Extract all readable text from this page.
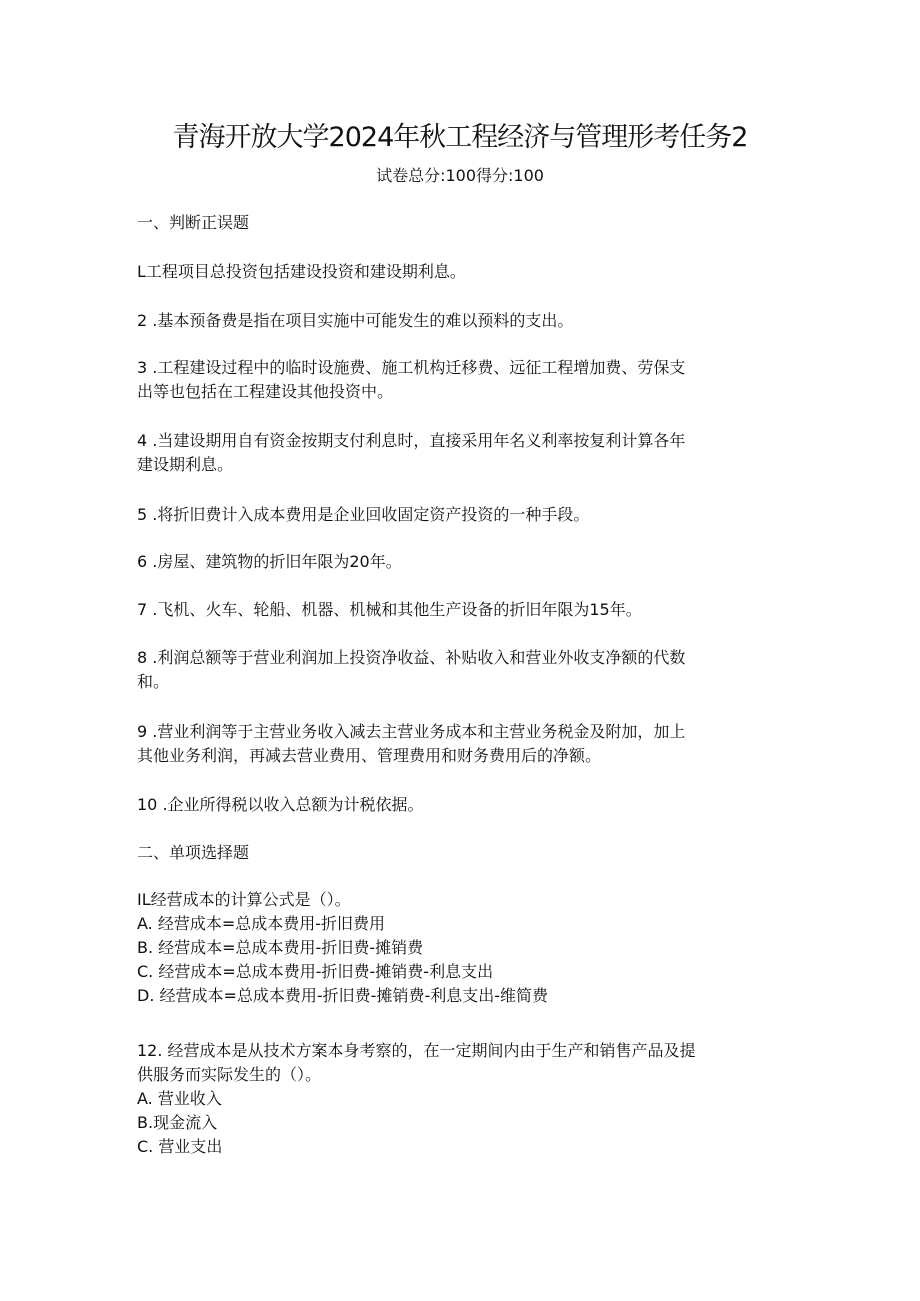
青海开放大学2024年秋工程经济与管理形考任务2
试卷总分:100得分:100
一、判断正误题
L工程项目总投资包括建设投资和建设期利息。
2 .基本预备费是指在项目实施中可能发生的难以预料的支出。
3 .工程建设过程中的临时设施费、施工机构迁移费、远征工程增加费、劳保支
出等也包括在工程建设其他投资中。
4 .当建设期用自有资金按期支付利息时，直接采用年名义利率按复利计算各年
建设期利息。
5 .将折旧费计入成本费用是企业回收固定资产投资的一种手段。
6 .房屋、建筑物的折旧年限为20年。
7 .飞机、火车、轮船、机器、机械和其他生产设备的折旧年限为15年。
8 .利润总额等于营业利润加上投资净收益、补贴收入和营业外收支净额的代数
和。
9 .营业利润等于主营业务收入减去主营业务成本和主营业务税金及附加，加上
其他业务利润，再减去营业费用、管理费用和财务费用后的净额。
10 .企业所得税以收入总额为计税依据。
二、单项选择题
IL经营成本的计算公式是（）。
A. 经营成本=总成本费用-折旧费用
B. 经营成本=总成本费用-折旧费-摊销费
C. 经营成本=总成本费用-折旧费-摊销费-利息支出
D. 经营成本=总成本费用-折旧费-摊销费-利息支出-维简费
12. 经营成本是从技术方案本身考察的，在一定期间内由于生产和销售产品及提
供服务而实际发生的（）。
A. 营业收入
B.现金流入
C. 营业支出
